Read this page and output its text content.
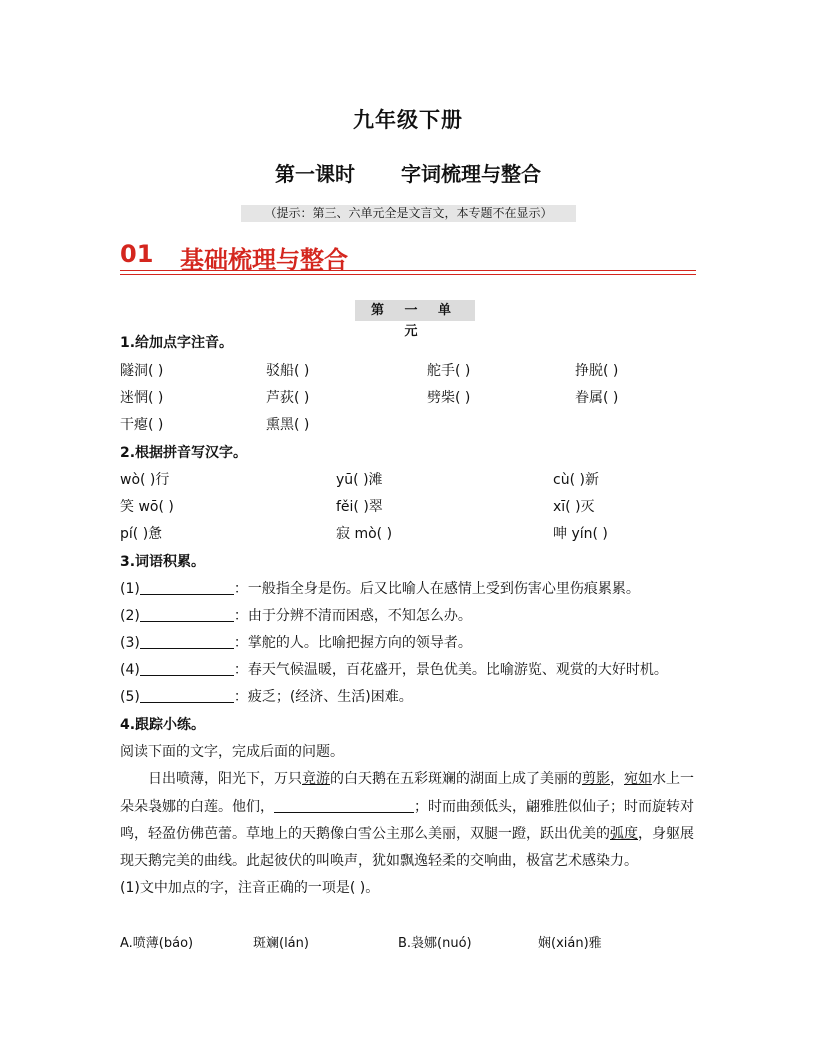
九年级下册
第一课时 字词梳理与整合
（提示：第三、六单元全是文言文，本专题不在显示）
01 基础梳理与整合
第 一 单 元
1.给加点字注音。
隧洞( )	驳船( )	舵手( )	挣脱( )
迷惘( )	芦荻( )	劈柴( )	眷属( )
干瘪( )	熏黑( )
2.根据拼音写汉字。
wò( )行	yū( )滩	cù( )新
笑 wō( )	fěi( )翠	xī( )灭
pí( )惫	寂 mò( )	呻 yín( )
3.词语积累。
(1)	：一般指全身是伤。后又比喻人在感情上受到伤害心里伤痕累累。
(2)	：由于分辨不清而困惑，不知怎么办。
(3)	：掌舵的人。比喻把握方向的领导者。
(4)	：春天气候温暖，百花盛开，景色优美。比喻游览、观赏的大好时机。
(5)	：疲乏；(经济、生活)困难。
4.跟踪小练。
阅读下面的文字，完成后面的问题。
日出喷薄，阳光下，万只竟游的白天鹅在五彩斑斓的湖面上成了美丽的剪影，宛如水上一
朵朵袅娜的白莲。他们，	；时而曲颈低头，翩雅胜似仙子；时而旋转对
鸣，轻盈仿佛芭蕾。草地上的天鹅像白雪公主那么美丽，双腿一蹬，跃出优美的弧度，身躯展
现天鹅完美的曲线。此起彼伏的叫唤声，犹如飘逸轻柔的交响曲，极富艺术感染力。
(1)文中加点的字，注音正确的一项是( )。
A.喷薄(báo)	斑斓(lán)	B.袅娜(nuó)	娴(xián)雅
